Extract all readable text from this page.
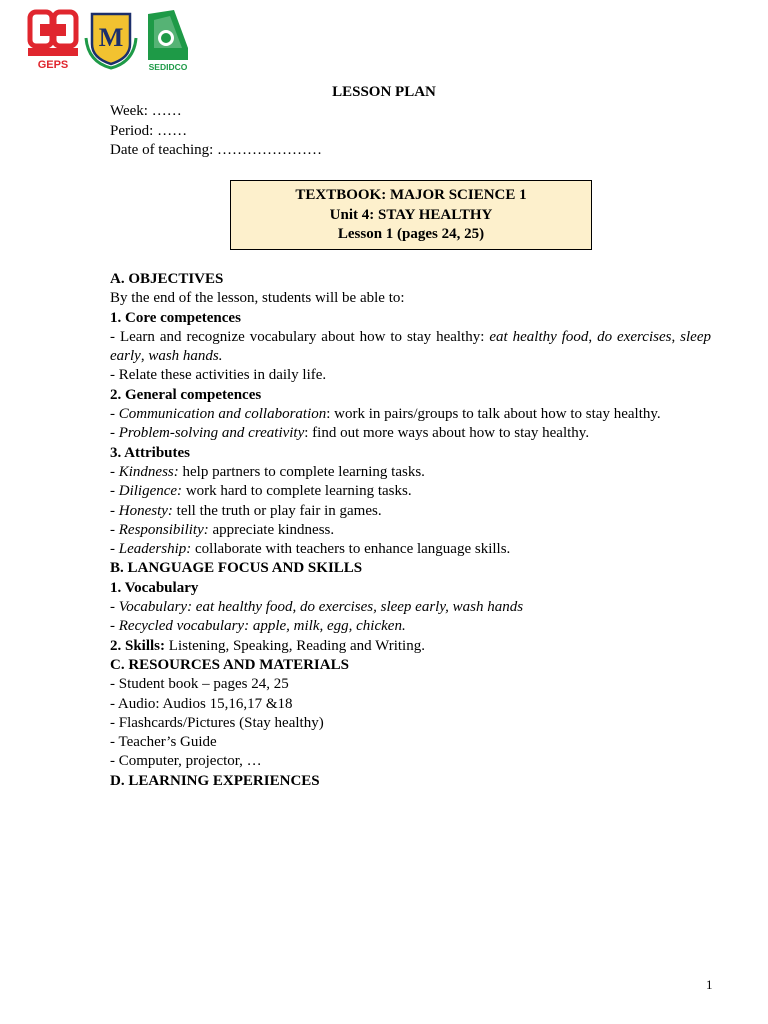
GEPS
M
SEDIDCO
LESSON PLAN
Week: ……
Period: ……
Date of teaching: …………………
TEXTBOOK: MAJOR SCIENCE 1
Unit 4: STAY HEALTHY
Lesson 1 (pages 24, 25)
A. OBJECTIVES
By the end of the lesson, students will be able to:
1. Core competences
- Learn and recognize vocabulary about how to stay healthy: eat healthy food, do exercises, sleep early, wash hands.
- Relate these activities in daily life.
2. General competences
- Communication and collaboration: work in pairs/groups to talk about how to stay healthy.
- Problem-solving and creativity: find out more ways about how to stay healthy.
3. Attributes
- Kindness: help partners to complete learning tasks.
- Diligence: work hard to complete learning tasks.
- Honesty: tell the truth or play fair in games.
- Responsibility: appreciate kindness.
- Leadership: collaborate with teachers to enhance language skills.
B. LANGUAGE FOCUS AND SKILLS
1. Vocabulary
- Vocabulary: eat healthy food, do exercises, sleep early, wash hands
- Recycled vocabulary: apple, milk, egg, chicken.
2. Skills: Listening, Speaking, Reading and Writing.
C. RESOURCES AND MATERIALS
- Student book – pages 24, 25
- Audio: Audios 15,16,17 &18
- Flashcards/Pictures (Stay healthy)
- Teacher’s Guide
- Computer, projector, …
D. LEARNING EXPERIENCES
1
